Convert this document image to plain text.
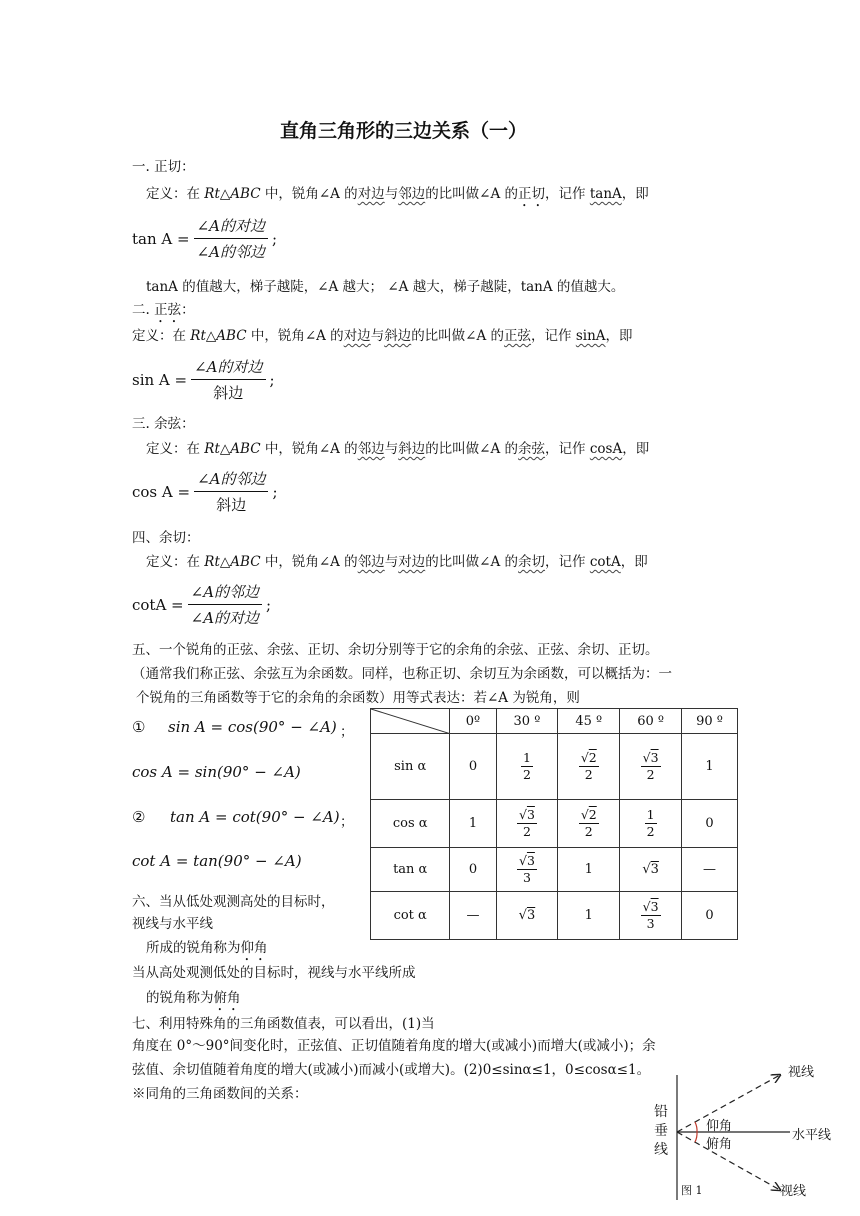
直角三角形的三边关系（一）
一. 正切：
定义：在 Rt△ABC 中，锐角∠A 的对边与邻边的比叫做∠A 的正切，记作 tanA，即
$\tan A = \frac{\text{∠A的对边}}{\text{∠A的邻边}}$ ;
tanA 的值越大，梯子越陡，∠A 越大； ∠A 越大，梯子越陡，tanA 的值越大。
二. 正弦：
定义：在 Rt△ABC 中，锐角∠A 的对边与斜边的比叫做∠A 的正弦，记作 sinA，即
$\sin A = \frac{\text{∠A的对边}}{\text{斜边}}$ ;
三. 余弦：
定义：在 Rt△ABC 中，锐角∠A 的邻边与斜边的比叫做∠A 的余弦，记作 cosA，即
$\cos A = \frac{\text{∠A的邻边}}{\text{斜边}}$ ;
四、余切：
定义：在 Rt△ABC 中，锐角∠A 的邻边与对边的比叫做∠A 的余切，记作 cotA，即
$\cot A = \frac{\text{∠A的邻边}}{\text{∠A的对边}}$ ;
五、一个锐角的正弦、余弦、正切、余切分别等于它的余角的余弦、正弦、余切、正切。
（通常我们称正弦、余弦互为余函数。同样，也称正切、余切互为余函数，可以概括为：一
个锐角的三角函数等于它的余角的余函数）用等式表达：若∠A 为锐角，则
① sin A = cos(90° − ∠A) ；
cos A = sin(90° − ∠A)
② tan A = cot(90° − ∠A) ；
cot A = tan(90° − ∠A)
	0º	30 º	45 º	60 º	90 º
sin α	0	$\frac{1}{2}$	$\frac{√2}{2}$	$\frac{√3}{2}$	1
cos α	1	$\frac{√3}{2}$	$\frac{√2}{2}$	$\frac{1}{2}$	0
tan α	0	$\frac{√3}{3}$	1	√3	—
cot α	—	√3	1	$\frac{√3}{3}$	0
六、当从低处观测高处的目标时，
视线与水平线
所成的锐角称为仰角
当从高处观测低处的目标时，视线与水平线所成
的锐角称为俯角
七、利用特殊角的三角函数值表，可以看出，(1)当
角度在 0°～90°间变化时，正弦值、正切值随着角度的增大(或减小)而增大(或减小)；余
弦值、余切值随着角度的增大(或减小)而减小(或增大)。(2)0≤sinα≤1，0≤cosα≤1。
※同角的三角函数间的关系：
视线
铅
垂
线
仰角
俯角
水平线
视线
图 1
